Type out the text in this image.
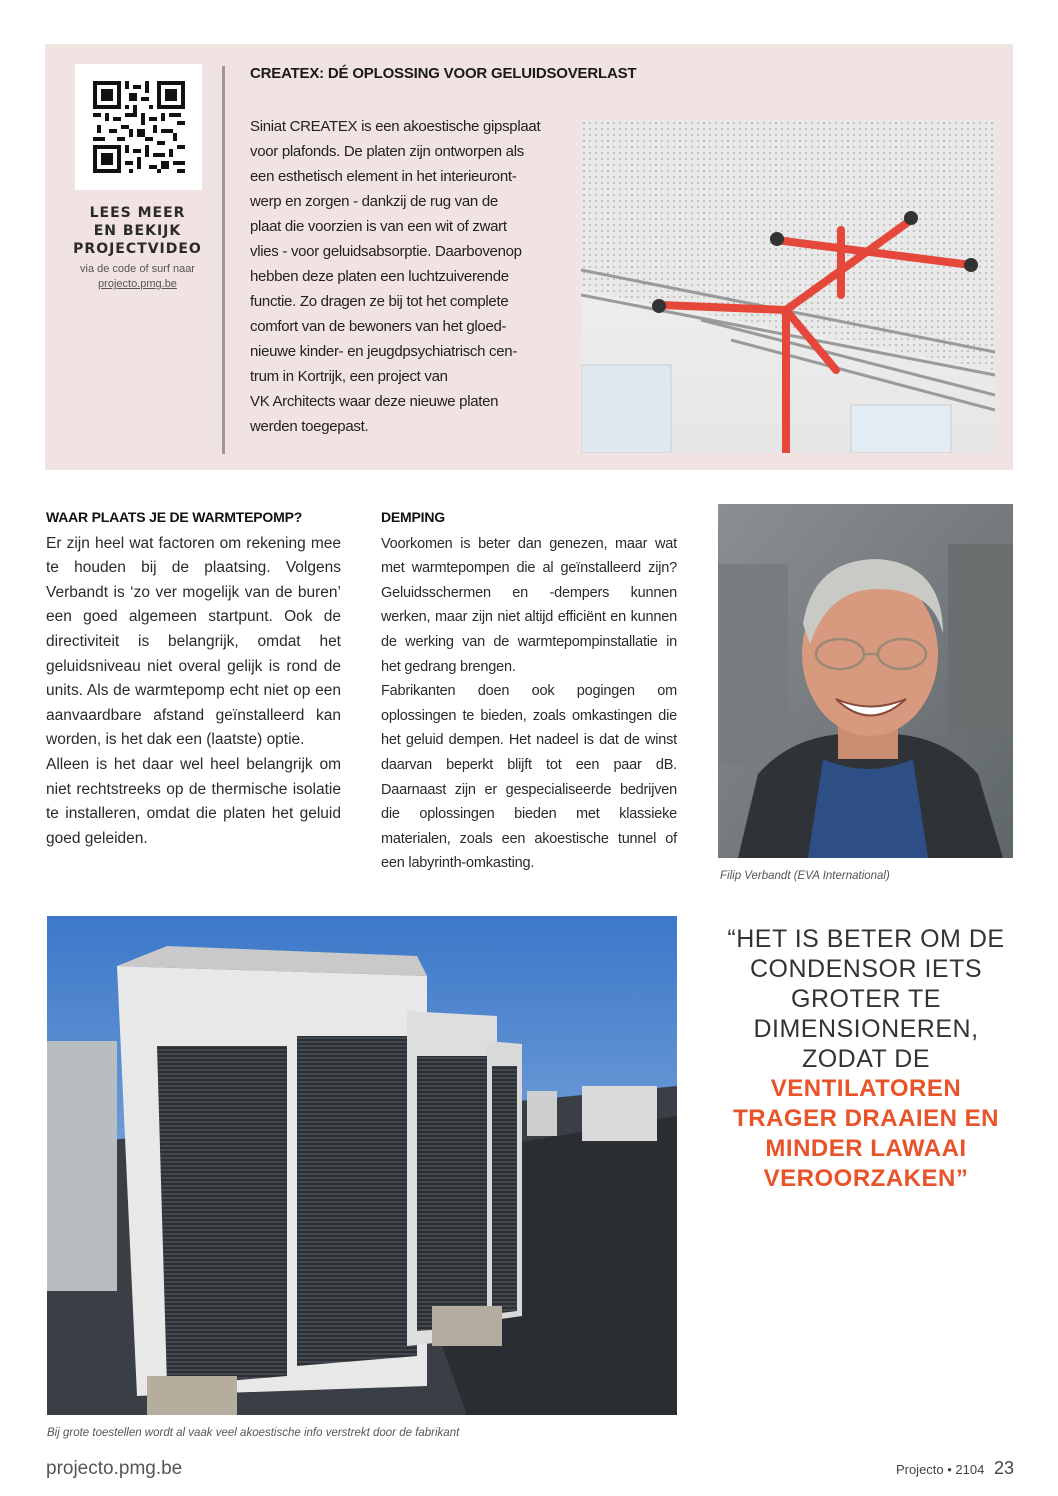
LEES MEER
EN BEKIJK
PROJECTVIDEO
via de code of surf naar
projecto.pmg.be
CREATEX: DÉ OPLOSSING VOOR GELUIDSOVERLAST
Siniat CREATEX is een akoestische gipsplaat
voor plafonds. De platen zijn ontworpen als
een esthetisch element in het interieuront-
werp en zorgen - dankzij de rug van de
plaat die voorzien is van een wit of zwart
vlies - voor geluidsabsorptie. Daarbovenop
hebben deze platen een luchtzuiverende
functie. Zo dragen ze bij tot het complete
comfort van de bewoners van het gloed-
nieuwe kinder- en jeugdpsychiatrisch cen-
trum in Kortrijk, een project van
VK Architects waar deze nieuwe platen
werden toegepast.
WAAR PLAATS JE DE WARMTEPOMP?

Er zijn heel wat factoren om rekening mee te houden bij de plaatsing. Volgens Verbandt is ‘zo ver mogelijk van de buren’ een goed algemeen startpunt. Ook de directiviteit is belangrijk, omdat het geluidsniveau niet overal gelijk is rond de units. Als de warmtepomp echt niet op een aanvaardbare afstand geïnstalleerd kan worden, is het dak een (laatste) optie.

Alleen is het daar wel heel belangrijk om niet rechtstreeks op de thermische isolatie te installeren, omdat die platen het geluid goed geleiden.

DEMPING

Voorkomen is beter dan genezen, maar wat met warmtepompen die al geïnstalleerd zijn? Geluidsschermen en -dempers kunnen werken, maar zijn niet altijd efficiënt en kunnen de werking van de warmtepompinstallatie in het gedrang brengen.

Fabrikanten doen ook pogingen om oplossingen te bieden, zoals omkastingen die het geluid dempen. Het nadeel is dat de winst daarvan beperkt blijft tot een paar dB. Daarnaast zijn er gespecialiseerde bedrijven die oplossingen bieden met klassieke materialen, zoals een akoestische tunnel of een labyrinth-omkasting.

Filip Verbandt (EVA International)
Bij grote toestellen wordt al vaak veel akoestische info verstrekt door de fabrikant
“HET IS BETER OM DE CONDENSOR IETS GROTER TE DIMENSIONEREN, ZODAT DE
VENTILATOREN TRAGER DRAAIEN EN MINDER LAWAAI VEROORZAKEN”
projecto.pmg.be	Projecto • 2104 23
